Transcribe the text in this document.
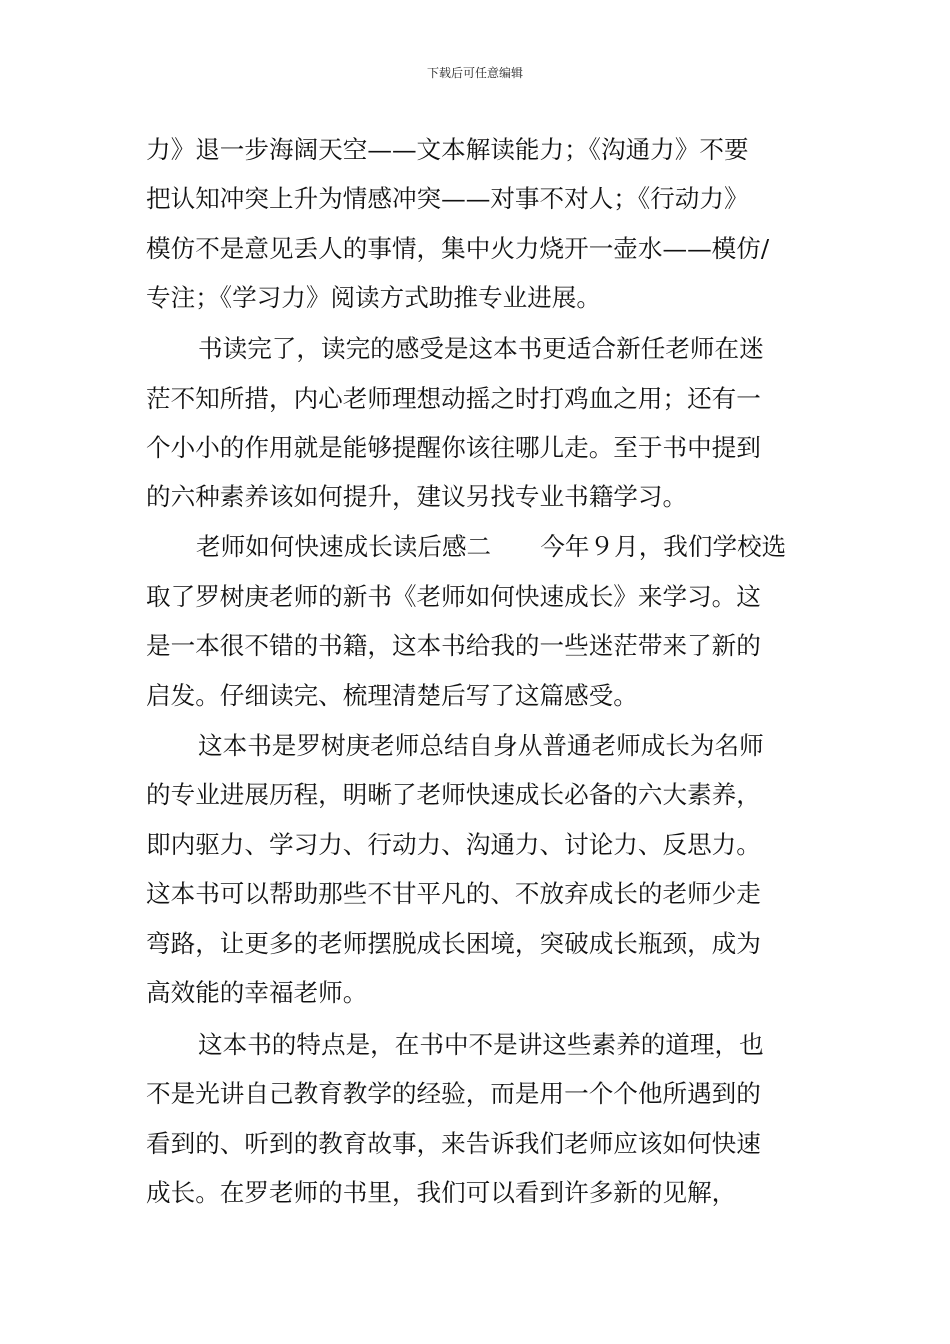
下载后可任意编辑
力》退一步海阔天空——文本解读能力；《沟通力》不要
把认知冲突上升为情感冲突——对事不对人；《行动力》
模仿不是意见丢人的事情，集中火力烧开一壶水——模仿/
专注；《学习力》阅读方式助推专业进展。
书读完了，读完的感受是这本书更适合新任老师在迷
茫不知所措，内心老师理想动摇之时打鸡血之用；还有一
个小小的作用就是能够提醒你该往哪儿走。至于书中提到
的六种素养该如何提升，建议另找专业书籍学习。
老师如何快速成长读后感二　　今年９月，我们学校选
取了罗树庚老师的新书《老师如何快速成长》来学习。这
是一本很不错的书籍，这本书给我的一些迷茫带来了新的
启发。仔细读完、梳理清楚后写了这篇感受。
这本书是罗树庚老师总结自身从普通老师成长为名师
的专业进展历程，明晰了老师快速成长必备的六大素养，
即内驱力、学习力、行动力、沟通力、讨论力、反思力。
这本书可以帮助那些不甘平凡的、不放弃成长的老师少走
弯路，让更多的老师摆脱成长困境，突破成长瓶颈，成为
高效能的幸福老师。
这本书的特点是，在书中不是讲这些素养的道理，也
不是光讲自己教育教学的经验，而是用一个个他所遇到的
看到的、听到的教育故事，来告诉我们老师应该如何快速
成长。在罗老师的书里，我们可以看到许多新的见解，
